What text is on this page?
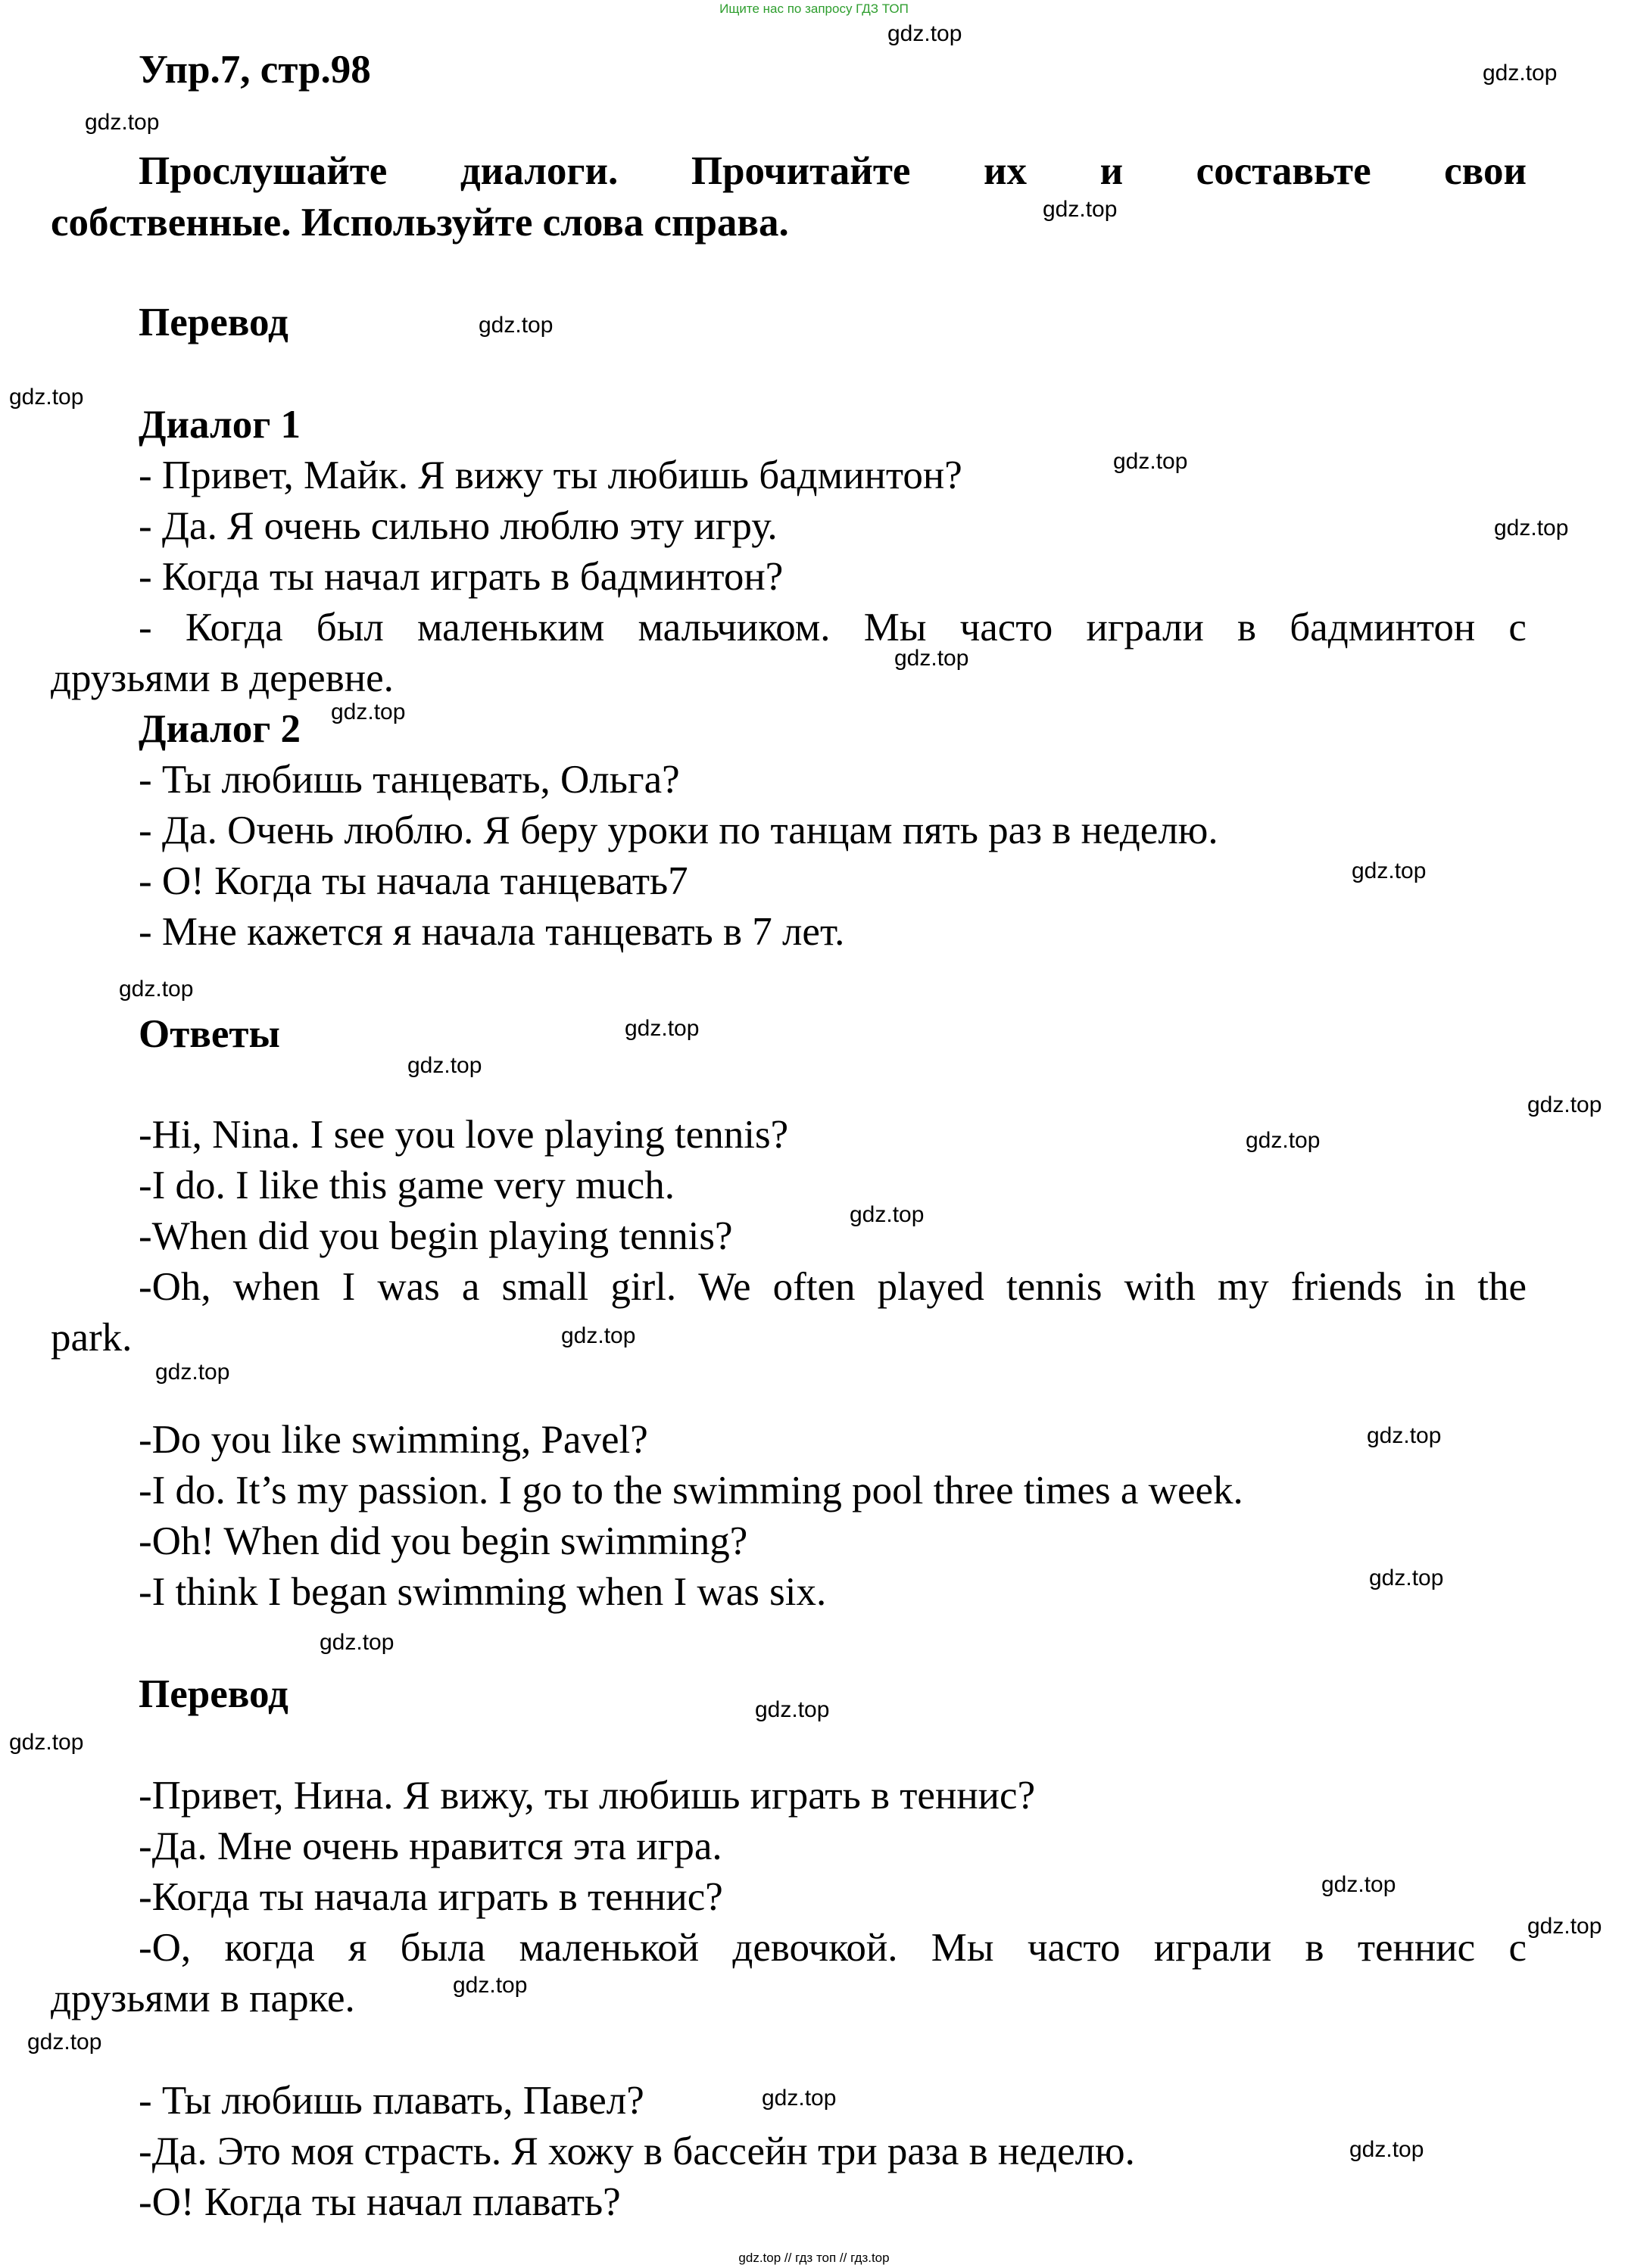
Ищите нас по запросу ГДЗ ТОП
Упр.7, стр.98
Прослушайте диалоги. Прочитайте их и составьте свои
собственные. Используйте слова справа.
Перевод
Диалог 1
- Привет, Майк. Я вижу ты любишь бадминтон?
- Да. Я очень сильно люблю эту игру.
- Когда ты начал играть в бадминтон?
- Когда был маленьким мальчиком. Мы часто играли в бадминтон с
друзьями в деревне.
Диалог 2
- Ты любишь танцевать, Ольга?
- Да. Очень люблю. Я беру уроки по танцам пять раз в неделю.
- О! Когда ты начала танцевать7
- Мне кажется я начала танцевать в 7 лет.
Ответы
-Hi, Nina. I see you love playing tennis?
-I do. I like this game very much.
-When did you begin playing tennis?
-Oh, when I was a small girl. We often played tennis with my friends in the
park.
-Do you like swimming, Pavel?
-I do. It’s my passion. I go to the swimming pool three times a week.
-Oh! When did you begin swimming?
-I think I began swimming when I was six.
Перевод
-Привет, Нина. Я вижу, ты любишь играть в теннис?
-Да. Мне очень нравится эта игра.
-Когда ты начала играть в теннис?
-О, когда я была маленькой девочкой. Мы часто играли в теннис с
друзьями в парке.
- Ты любишь плавать, Павел?
-Да. Это моя страсть. Я хожу в бассейн три раза в неделю.
-О! Когда ты начал плавать?
gdz.top
gdz.top
gdz.top
gdz.top
gdz.top
gdz.top
gdz.top
gdz.top
gdz.top
gdz.top
gdz.top
gdz.top
gdz.top
gdz.top
gdz.top
gdz.top
gdz.top
gdz.top
gdz.top
gdz.top
gdz.top
gdz.top
gdz.top
gdz.top
gdz.top
gdz.top
gdz.top
gdz.top
gdz.top
gdz.top
gdz.top // гдз топ // гдз.top
